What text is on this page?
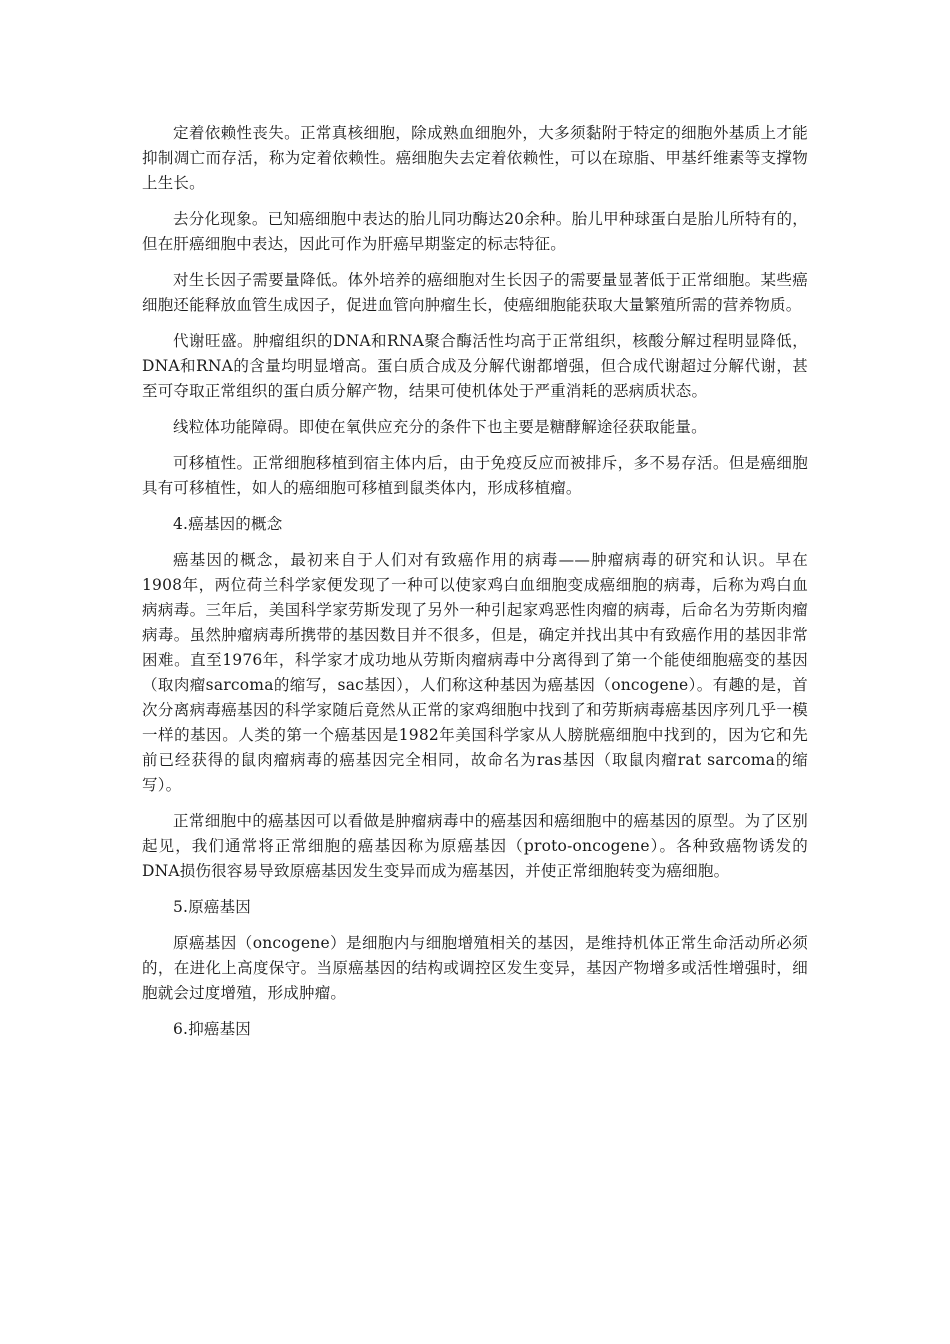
定着依赖性丧失。正常真核细胞，除成熟血细胞外，大多须黏附于特定的细胞外基质上才能抑制凋亡而存活，称为定着依赖性。癌细胞失去定着依赖性，可以在琼脂、甲基纤维素等支撑物上生长。

去分化现象。已知癌细胞中表达的胎儿同功酶达20余种。胎儿甲种球蛋白是胎儿所特有的，但在肝癌细胞中表达，因此可作为肝癌早期鉴定的标志特征。

对生长因子需要量降低。体外培养的癌细胞对生长因子的需要量显著低于正常细胞。某些癌细胞还能释放血管生成因子，促进血管向肿瘤生长，使癌细胞能获取大量繁殖所需的营养物质。

代谢旺盛。肿瘤组织的DNA和RNA聚合酶活性均高于正常组织，核酸分解过程明显降低，DNA和RNA的含量均明显增高。蛋白质合成及分解代谢都增强，但合成代谢超过分解代谢，甚至可夺取正常组织的蛋白质分解产物，结果可使机体处于严重消耗的恶病质状态。

线粒体功能障碍。即使在氧供应充分的条件下也主要是糖酵解途径获取能量。

可移植性。正常细胞移植到宿主体内后，由于免疫反应而被排斥，多不易存活。但是癌细胞具有可移植性，如人的癌细胞可移植到鼠类体内，形成移植瘤。

4.癌基因的概念

癌基因的概念，最初来自于人们对有致癌作用的病毒——肿瘤病毒的研究和认识。早在1908年，两位荷兰科学家便发现了一种可以使家鸡白血细胞变成癌细胞的病毒，后称为鸡白血病病毒。三年后，美国科学家劳斯发现了另外一种引起家鸡恶性肉瘤的病毒，后命名为劳斯肉瘤病毒。虽然肿瘤病毒所携带的基因数目并不很多，但是，确定并找出其中有致癌作用的基因非常困难。直至1976年，科学家才成功地从劳斯肉瘤病毒中分离得到了第一个能使细胞癌变的基因（取肉瘤sarcoma的缩写，sac基因），人们称这种基因为癌基因（oncogene）。有趣的是，首次分离病毒癌基因的科学家随后竟然从正常的家鸡细胞中找到了和劳斯病毒癌基因序列几乎一模一样的基因。人类的第一个癌基因是1982年美国科学家从人膀胱癌细胞中找到的，因为它和先前已经获得的鼠肉瘤病毒的癌基因完全相同，故命名为ras基因（取鼠肉瘤rat sarcoma的缩写）。

正常细胞中的癌基因可以看做是肿瘤病毒中的癌基因和癌细胞中的癌基因的原型。为了区别起见，我们通常将正常细胞的癌基因称为原癌基因（proto-oncogene）。各种致癌物诱发的DNA损伤很容易导致原癌基因发生变异而成为癌基因，并使正常细胞转变为癌细胞。

5.原癌基因

原癌基因（oncogene）是细胞内与细胞增殖相关的基因，是维持机体正常生命活动所必须的，在进化上高度保守。当原癌基因的结构或调控区发生变异，基因产物增多或活性增强时，细胞就会过度增殖，形成肿瘤。

6.抑癌基因
